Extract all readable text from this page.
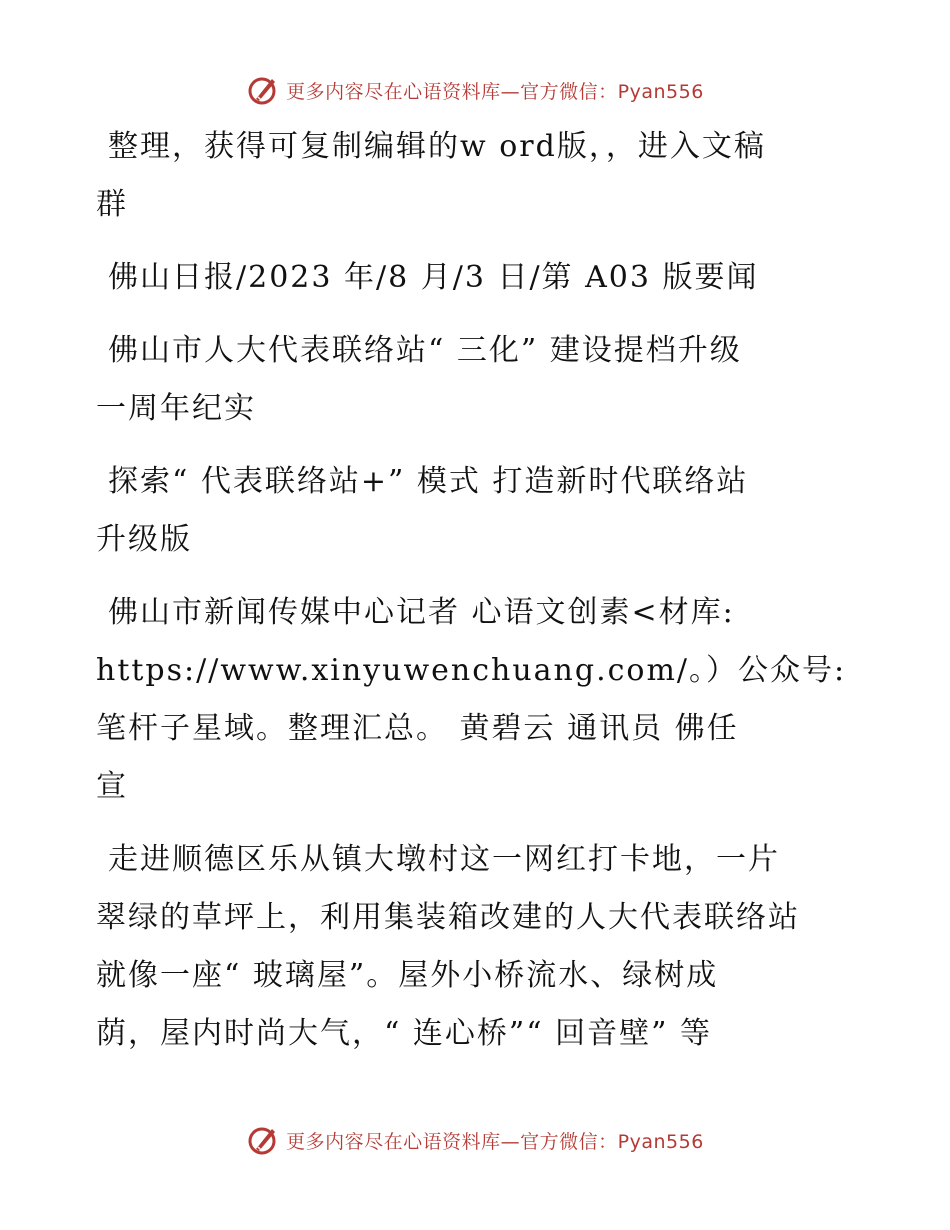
更多内容尽在心语资料库—官方微信：Pyan556

整理，获得可复制编辑的w ord版，，进入文稿
群

佛山日报/2023 年/8 月/3 日/第 A03 版要闻

佛山市人大代表联络站“ 三化” 建设提档升级
一周年纪实

探索“ 代表联络站+” 模式 打造新时代联络站
升级版

佛山市新闻传媒中心记者 心语文创素<材库:
https://www.xinyuwenchuang.com/。）公众号:
笔杆子星域。整理汇总。 黄碧云 通讯员 佛任
宣

走进顺德区乐从镇大墩村这一网红打卡地，一片
翠绿的草坪上，利用集装箱改建的人大代表联络站
就像一座“ 玻璃屋”。屋外小桥流水、绿树成
荫，屋内时尚大气，“ 连心桥”“ 回音壁” 等

更多内容尽在心语资料库—官方微信：Pyan556
